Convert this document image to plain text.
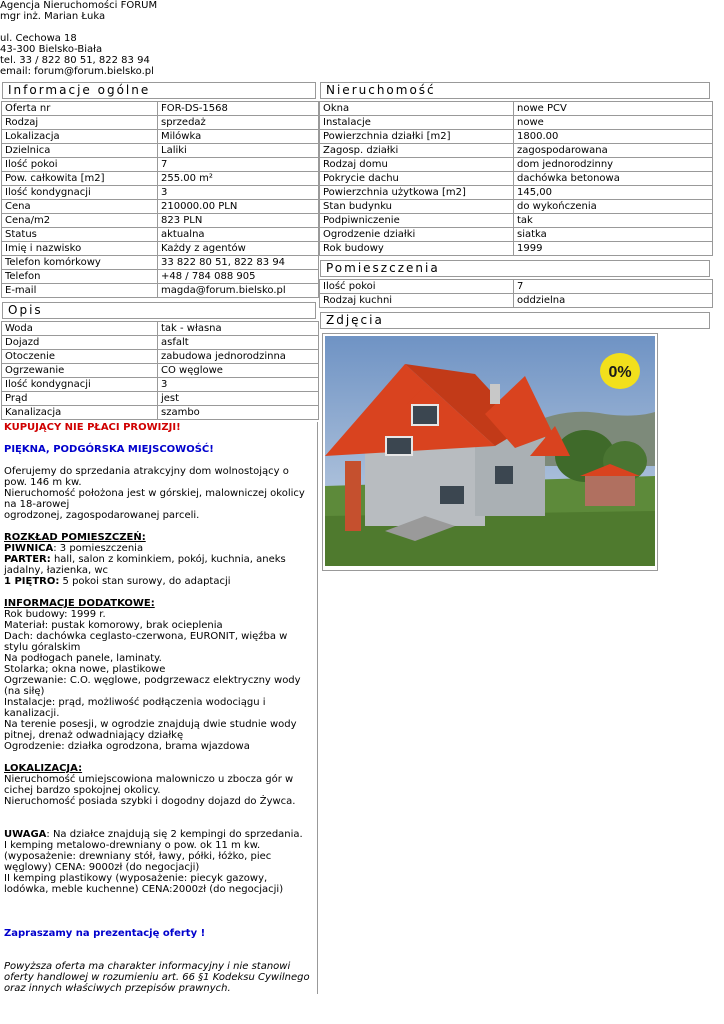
Agencja Nieruchomości FORUM
mgr inż. Marian Łuka
ul. Cechowa 18
43-300 Bielsko-Biała
tel. 33 / 822 80 51, 822 83 94
email: forum@forum.bielsko.pl
Informacje ogólne
Oferta nr	FOR-DS-1568
Rodzaj	sprzedaż
Lokalizacja	Milówka
Dzielnica	Laliki
Ilość pokoi	7
Pow. całkowita [m2]	255.00 m²
Ilość kondygnacji	3
Cena	210000.00 PLN
Cena/m2	823 PLN
Status	aktualna
Imię i nazwisko	Każdy z agentów
Telefon komórkowy	33 822 80 51, 822 83 94
Telefon	+48 / 784 088 905
E-mail	magda@forum.bielsko.pl
Opis
Woda	tak - własna
Dojazd	asfalt
Otoczenie	zabudowa jednorodzinna
Ogrzewanie	CO węglowe
Ilość kondygnacji	3
Prąd	jest
Kanalizacja	szambo

KUPUJĄCY NIE PŁACI PROWIZJI!

PIĘKNA, PODGÓRSKA MIEJSCOWOŚĆ!

Oferujemy do sprzedania atrakcyjny dom wolnostojący o pow. 146 m kw.

Nieruchomość położona jest w górskiej, malowniczej okolicy na 18-arowej

ogrodzonej, zagospodarowanej parceli.

ROZKŁAD POMIESZCZEŃ:

PIWNICA: 3 pomieszczenia

PARTER: hall, salon z kominkiem, pokój, kuchnia, aneks jadalny, łazienka, wc

1 PIĘTRO: 5 pokoi stan surowy, do adaptacji

INFORMACJE DODATKOWE:

Rok budowy: 1999 r.

Materiał: pustak komorowy, brak ocieplenia

Dach: dachówka ceglasto-czerwona, EURONIT, więźba w stylu góralskim

Na podłogach panele, laminaty.

Stolarka; okna nowe, plastikowe

Ogrzewanie: C.O. węglowe, podgrzewacz elektryczny wody (na siłę)

Instalacje: prąd, możliwość podłączenia wodociągu i kanalizacji.

Na terenie posesji, w ogrodzie znajdują dwie studnie wody pitnej, drenaż odwadniający działkę

Ogrodzenie: działka ogrodzona, brama wjazdowa

LOKALIZACJA:

Nieruchomość umiejscowiona malowniczo u zbocza gór w cichej bardzo spokojnej okolicy.

Nieruchomość posiada szybki i dogodny dojazd do Żywca.

UWAGA: Na działce znajdują się 2 kempingi do sprzedania.

I kemping metalowo-drewniany o pow. ok 11 m kw. (wyposażenie: drewniany stół, ławy, półki, łóżko, piec węglowy) CENA: 9000zł (do negocjacji)

II kemping plastikowy (wyposażenie: piecyk gazowy, lodówka, meble kuchenne) CENA:2000zł (do negocjacji)

Zapraszamy na prezentację oferty !

Powyższa oferta ma charakter informacyjny i nie stanowi oferty handlowej w rozumieniu art. 66 §1 Kodeksu Cywilnego oraz innych właściwych przepisów prawnych.

Nieruchomość
Okna	nowe PCV
Instalacje	nowe
Powierzchnia działki [m2]	1800.00
Zagosp. działki	zagospodarowana
Rodzaj domu	dom jednorodzinny
Pokrycie dachu	dachówka betonowa
Powierzchnia użytkowa [m2]	145,00
Stan budynku	do wykończenia
Podpiwniczenie	tak
Ogrodzenie działki	siatka
Rok budowy	1999
Pomieszczenia
Ilość pokoi	7
Rodzaj kuchni	oddzielna
Zdjęcia
0%
